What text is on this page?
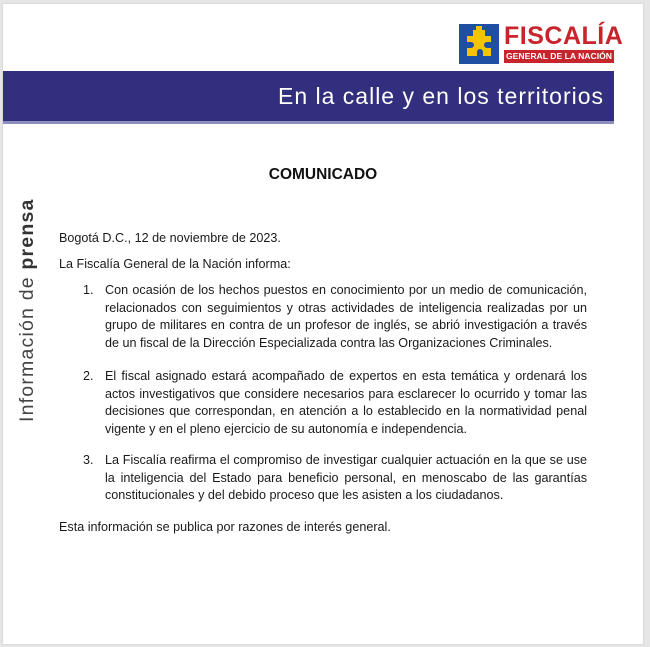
FISCALÍA
GENERAL DE LA NACIÓN
En la calle y en los territorios
Información de prensa
COMUNICADO
Bogotá D.C., 12 de noviembre de 2023.
La Fiscalía General de la Nación informa:
1. Con ocasión de los hechos puestos en conocimiento por un medio de comunicación, relacionados con seguimientos y otras actividades de inteligencia realizadas por un grupo de militares en contra de un profesor de inglés, se abrió investigación a través de un fiscal de la Dirección Especializada contra las Organizaciones Criminales.
2. El fiscal asignado estará acompañado de expertos en esta temática y ordenará los actos investigativos que considere necesarios para esclarecer lo ocurrido y tomar las decisiones que correspondan, en atención a lo establecido en la normatividad penal vigente y en el pleno ejercicio de su autonomía e independencia.
3. La Fiscalía reafirma el compromiso de investigar cualquier actuación en la que se use la inteligencia del Estado para beneficio personal, en menoscabo de las garantías constitucionales y del debido proceso que les asisten a los ciudadanos.
Esta información se publica por razones de interés general.
